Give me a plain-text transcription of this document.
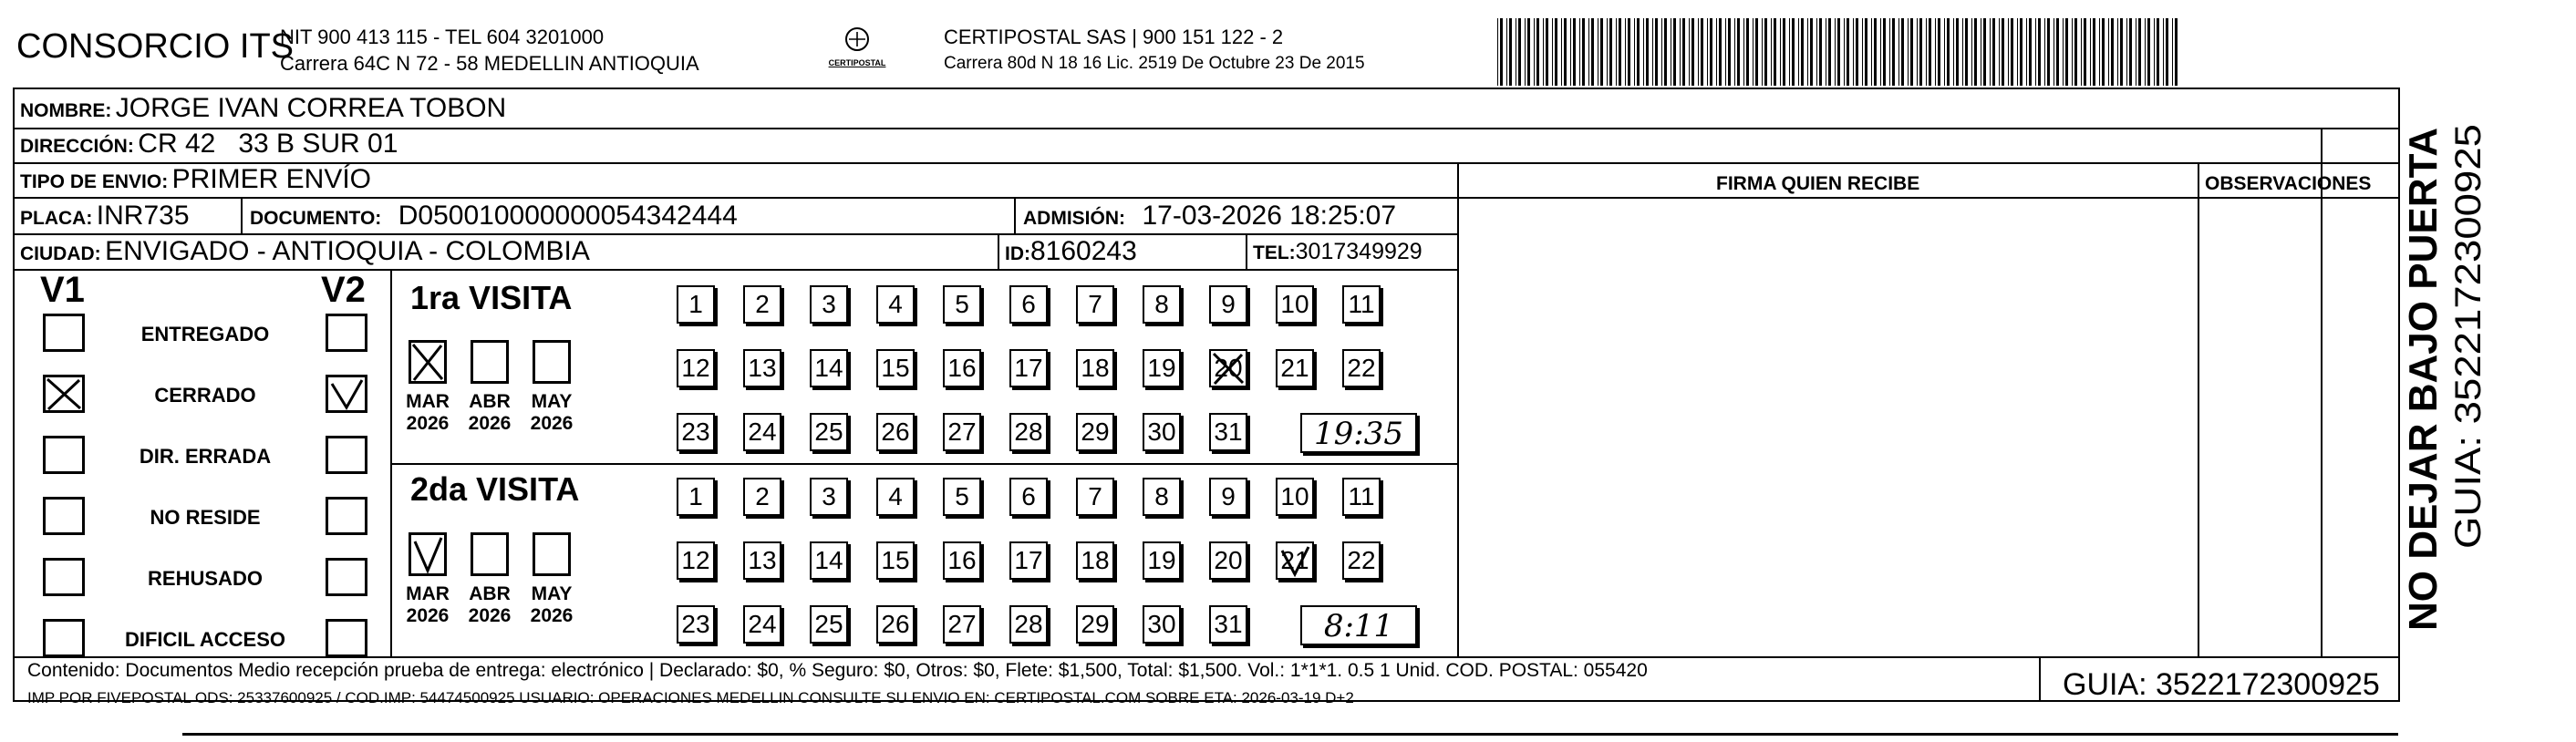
CONSORCIO ITS
NIT 900 413 115 - TEL 604 3201000
Carrera 64C N 72 - 58 MEDELLIN ANTIOQUIA	CERTIPOSTAL
CERTIPOSTAL SAS | 900 151 122 - 2
Carrera 80d N 18 16 Lic. 2519 De Octubre 23 De 2015
NOMBRE: JORGE IVAN CORREA TOBON
DIRECCIÓN: CR 42   33 B SUR 01
TIPO DE ENVIO: PRIMER ENVÍO	FIRMA QUIEN RECIBE	OBSERVACIONES
PLACA: INR735	DOCUMENTO: D050010000000054342444	ADMISIÓN: 17-03-2026 18:25:07
CIUDAD: ENVIGADO - ANTIOQUIA - COLOMBIA	ID:8160243	TEL:3017349929
V1	V2
ENTREGADO
CERRADO
DIR. ERRADA
NO RESIDE
REHUSADO
DIFICIL ACCESO
1ra VISITA
2da VISITA
MAR
2026
ABR
2026
MAY
2026
1	2	3	4	5	6	7	8	9	10 11
12 13 14 15 16 17 18 19 20 21 22
23 24 25 26 27 28 29 30 31	19:35
MAR
2026
ABR
2026
MAY
2026
1	2	3	4	5	6	7	8	9	10 11
12 13 14 15 16 17 18 19 20 21 22
23 24 25 26 27 28 29 30 31	8:11
Contenido: Documentos Medio recepción prueba de entrega: electrónico | Declarado: $0, % Seguro: $0, Otros: $0, Flete: $1,500, Total: $1,500. Vol.: 1*1*1. 0.5 1 Unid. COD. POSTAL: 055420
IMP POR FIVEPOSTAL ODS: 25337600925 / COD.IMP: 54474500925 USUARIO: OPERACIONES MEDELLIN CONSULTE SU ENVIO EN: CERTIPOSTAL.COM SOBRE ETA: 2026-03-19 D+2	GUIA: 3522172300925
NO DEJAR BAJO PUERTA GUIA: 3522172300925
